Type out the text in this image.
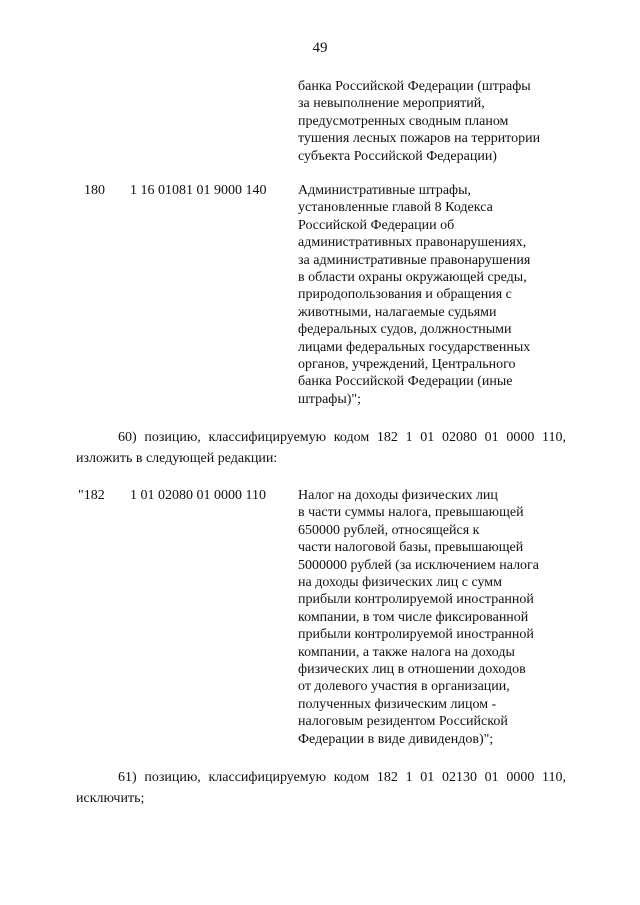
49
банка Российской Федерации (штрафы
за невыполнение мероприятий,
предусмотренных сводным планом
тушения лесных пожаров на территории
субъекта Российской Федерации)
180 1 16 01081 01 9000 140 Административные штрафы,
установленные главой 8 Кодекса
Российской Федерации об
административных правонарушениях,
за административные правонарушения
в области охраны окружающей среды,
природопользования и обращения с
животными, налагаемые судьями
федеральных судов, должностными
лицами федеральных государственных
органов, учреждений, Центрального
банка Российской Федерации (иные
штрафы)";
60) позицию, классифицируемую кодом 182 1 01 02080 01 0000 110,
изложить в следующей редакции:
"182 1 01 02080 01 0000 110 Налог на доходы физических лиц
в части суммы налога, превышающей
650000 рублей, относящейся к
части налоговой базы, превышающей
5000000 рублей (за исключением налога
на доходы физических лиц с сумм
прибыли контролируемой иностранной
компании, в том числе фиксированной
прибыли контролируемой иностранной
компании, а также налога на доходы
физических лиц в отношении доходов
от долевого участия в организации,
полученных физическим лицом -
налоговым резидентом Российской
Федерации в виде дивидендов)";
61) позицию, классифицируемую кодом 182 1 01 02130 01 0000 110,
исключить;
